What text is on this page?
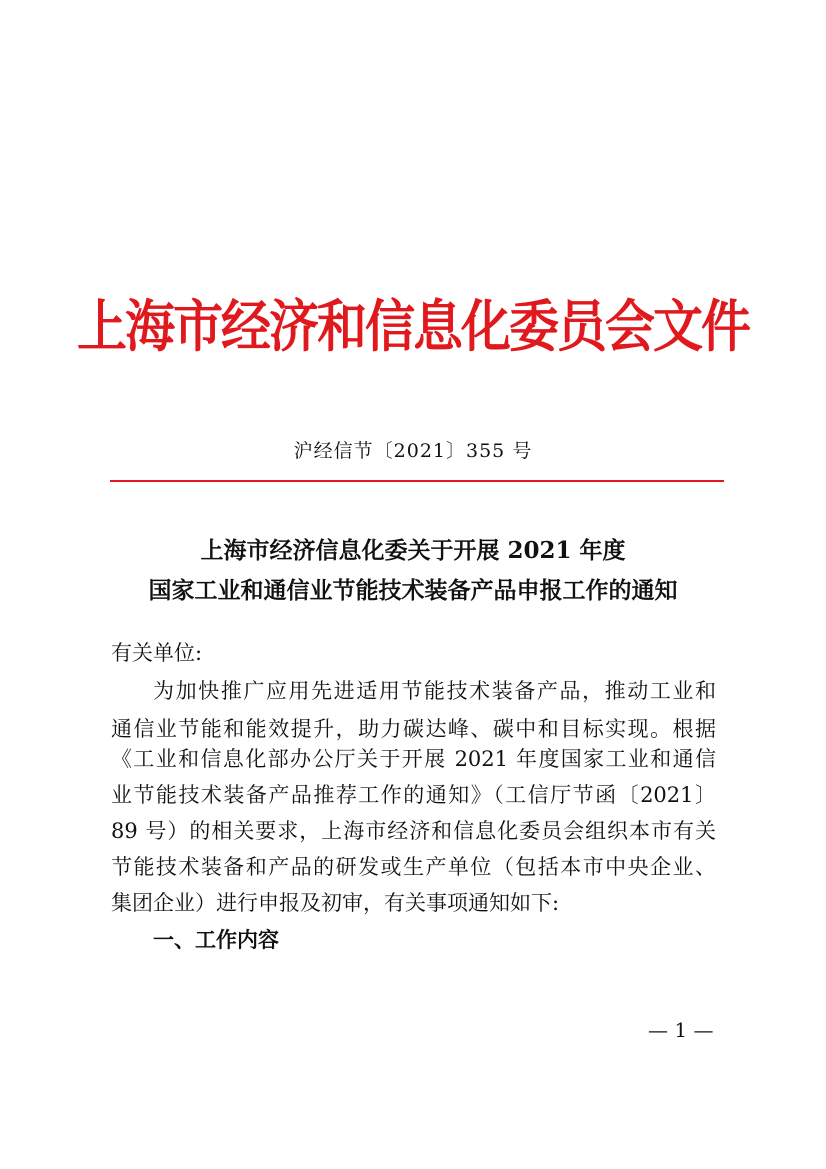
上海市经济和信息化委员会文件
沪经信节〔2021〕355 号
上海市经济信息化委关于开展 2021 年度
国家工业和通信业节能技术装备产品申报工作的通知
有关单位:
为加快推广应用先进适用节能技术装备产品，推动工业和
通信业节能和能效提升，助力碳达峰、碳中和目标实现。根据
《工业和信息化部办公厅关于开展 2021 年度国家工业和通信
业节能技术装备产品推荐工作的通知》（工信厅节函〔2021〕
89 号）的相关要求，上海市经济和信息化委员会组织本市有关
节能技术装备和产品的研发或生产单位（包括本市中央企业、
集团企业）进行申报及初审，有关事项通知如下:
一、工作内容
— 1 —
